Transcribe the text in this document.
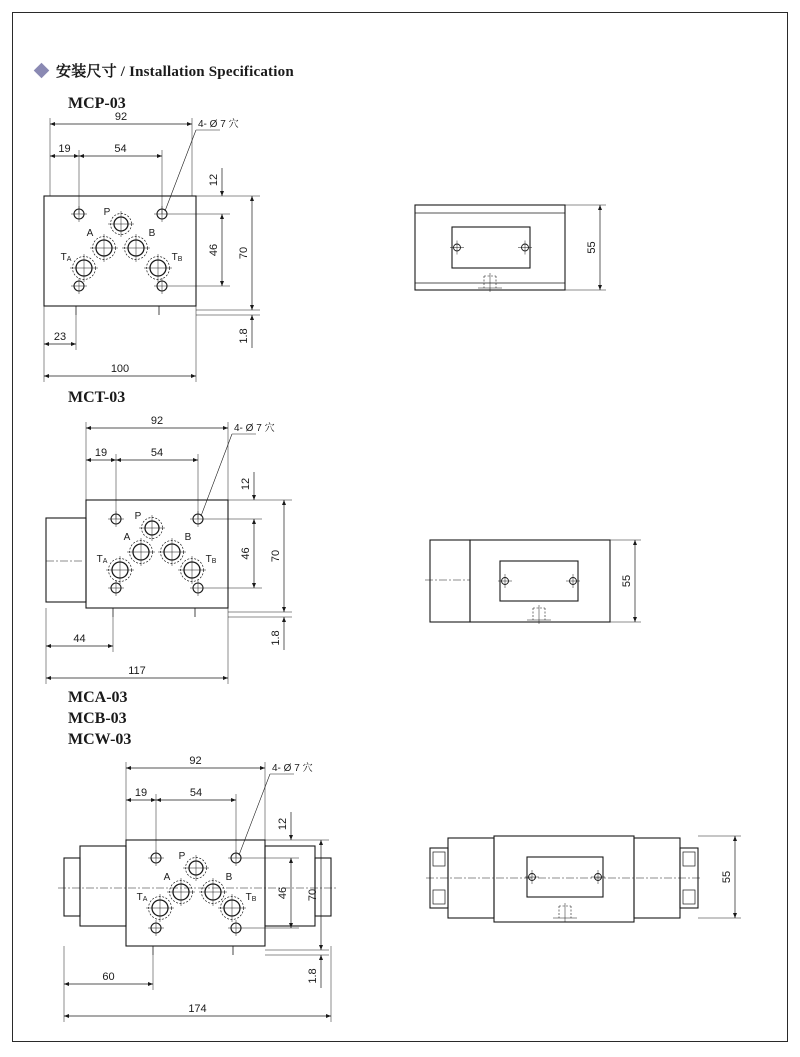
安装尺寸 / Installation Specification
MCP-03
MCT-03
MCA-03
MCB-03
MCW-03
P
A	B
TA	TB
92
19	54
4- Ø 7 穴
12
46 70
1.8
23
100
55
P
A	B
TA	TB
92
19	54
4- Ø 7 穴
12
46 70
1.8
44
117
55
P
A	B
TA	TB
92
19	54
4- Ø 7 穴
12
46 70
1.8
60
174
55
